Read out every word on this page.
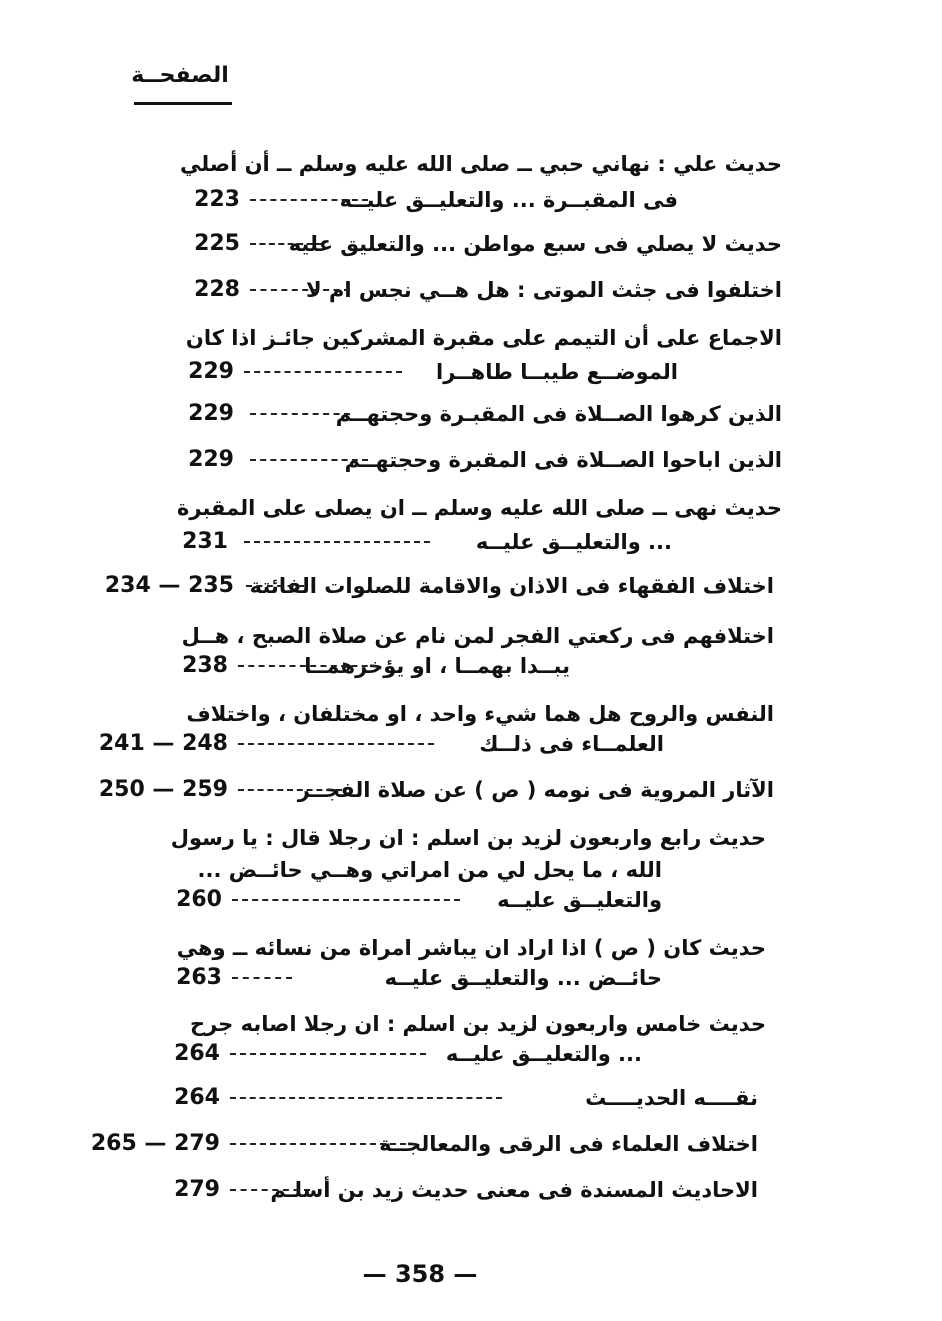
الصفحــة
حديث علي : نهاني حبي ــ صلى الله عليه وسلم ــ أن أصلي
فى المقبــرة ... والتعليــق عليــه
223
حديث لا يصلي فى سبع مواطن ... والتعليق عليه
225
اختلفوا فى جثث الموتى : هل هــي نجس ام لا
228
الاجماع على أن التيمم على مقبرة المشركين جائـز اذا كان
الموضــع طيبــا طاهــرا
229
الذين كرهوا الصــلاة فى المقبـرة وحجتهــم
229
الذين اباحوا الصــلاة فى المقبرة وحجتهــم
229
حديث نهى ــ صلى الله عليه وسلم ــ ان يصلى على المقبرة
... والتعليــق عليــه
231
اختلاف الفقهاء فى الاذان والاقامة للصلوات الفائتة
234 — 235
اختلافهم فى ركعتي الفجر لمن نام عن صلاة الصبح ، هــل
يبــدا بهمــا ، او يؤخرهمــا
238
النفس والروح هل هما شيء واحد ، او مختلفان ، واختلاف
العلمــاء فى ذلــك
241 — 248
الآثار المروية فى نومه ( ص ) عن صلاة الفجــر
250 — 259
حديث رابع واربعون لزيد بن اسلم : ان رجلا قال : يا رسول
الله ، ما يحل لي من امراتي وهــي حائــض ...
والتعليــق عليــه
260
حديث كان ( ص ) اذا اراد ان يباشر امراة من نسائه ــ وهي
حائــض ... والتعليــق عليــه
263
حديث خامس واربعون لزيد بن اسلم : ان رجلا اصابه جرح
... والتعليــق عليــه
264
نقــــه الحديــــث
264
اختلاف العلماء فى الرقى والمعالجــة
265 — 279
الاحاديث المسندة فى معنى حديث زيد بن أسلـم
279
— 358 —
